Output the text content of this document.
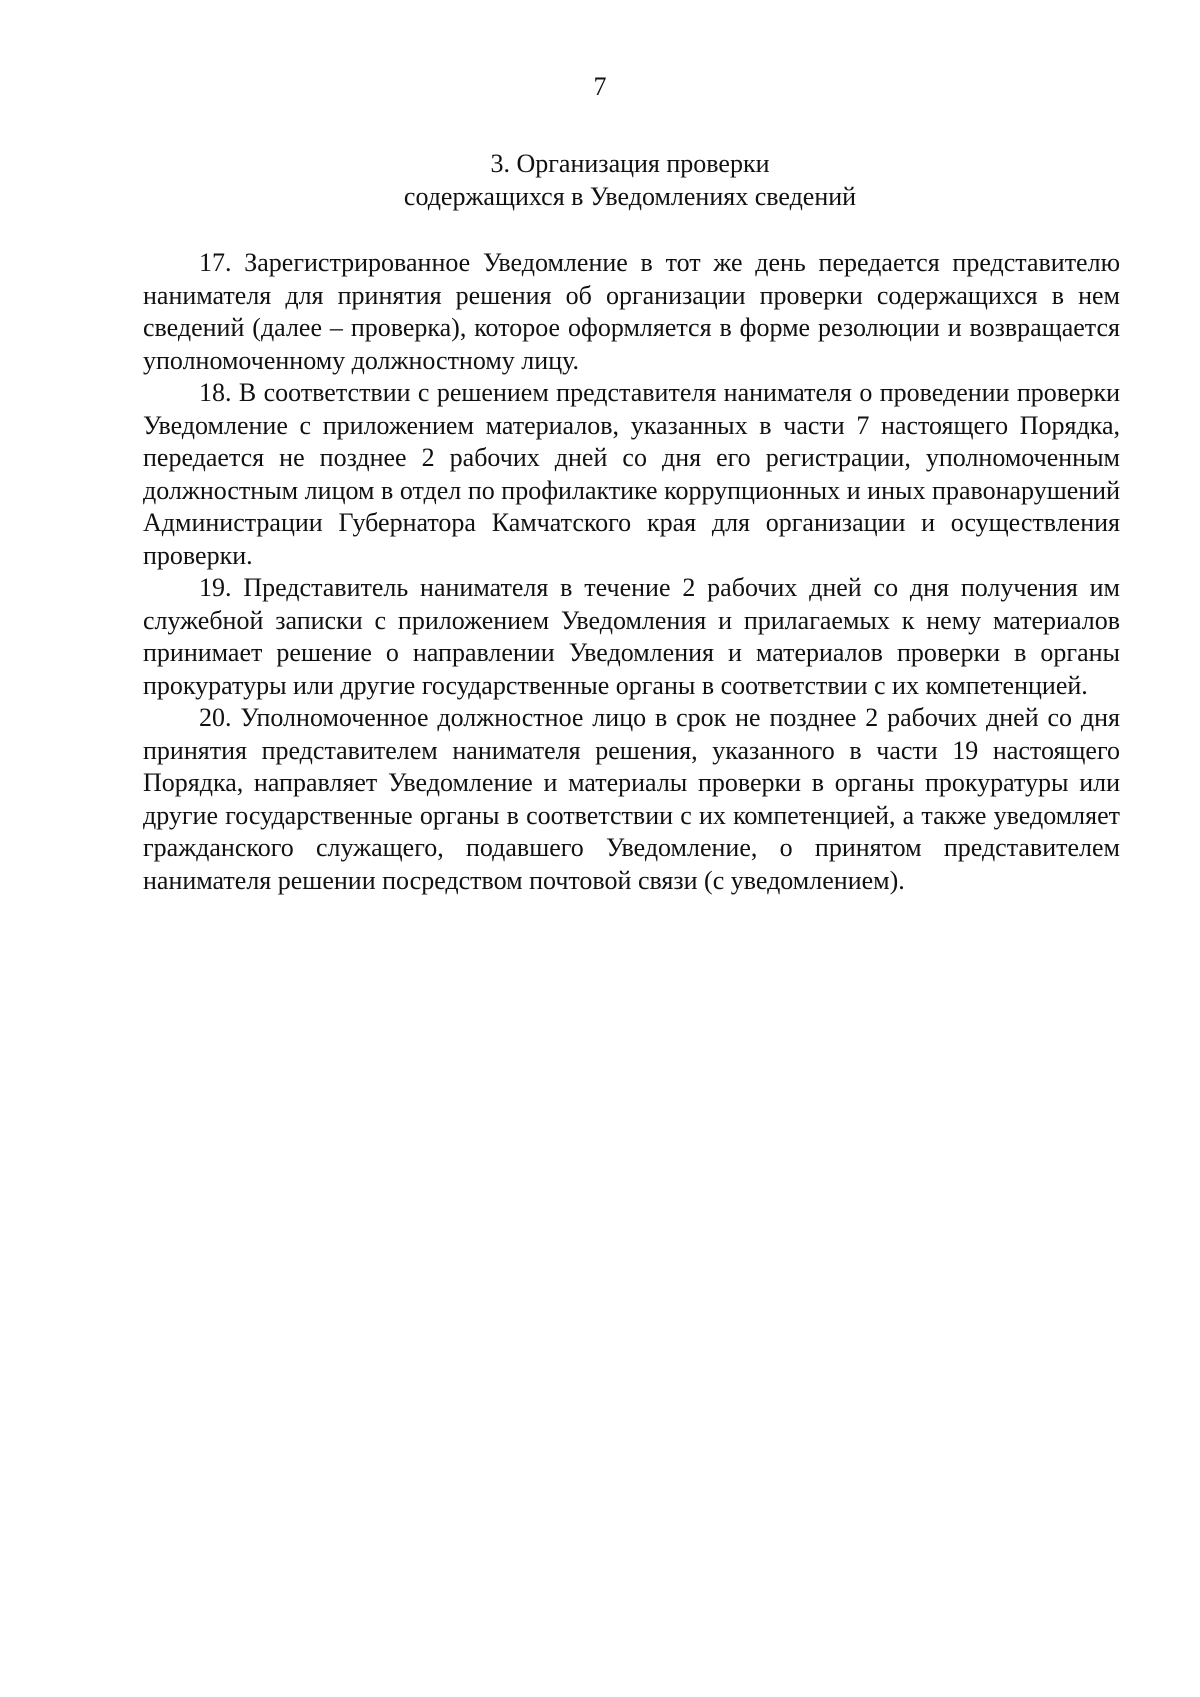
7
3. Организация проверки
содержащихся в Уведомлениях сведений

17. Зарегистрированное Уведомление в тот же день передается представителю нанимателя для принятия решения об организации проверки содержащихся в нем сведений (далее – проверка), которое оформляется в форме резолюции и возвращается уполномоченному должностному лицу.

18. В соответствии с решением представителя нанимателя о проведении проверки Уведомление с приложением материалов, указанных в части 7 настоящего Порядка, передается не позднее 2 рабочих дней со дня его регистрации, уполномоченным должностным лицом в отдел по профилактике коррупционных и иных правонарушений Администрации Губернатора Камчатского края для организации и осуществления проверки.

19. Представитель нанимателя в течение 2 рабочих дней со дня получения им служебной записки с приложением Уведомления и прилагаемых к нему материалов принимает решение о направлении Уведомления и материалов проверки в органы прокуратуры или другие государственные органы в соответствии с их компетенцией.

20. Уполномоченное должностное лицо в срок не позднее 2 рабочих дней со дня принятия представителем нанимателя решения, указанного в части 19 настоящего Порядка, направляет Уведомление и материалы проверки в органы прокуратуры или другие государственные органы в соответствии с их компетенцией, а также уведомляет гражданского служащего, подавшего Уведомление, о принятом представителем нанимателя решении посредством почтовой связи (с уведомлением).
